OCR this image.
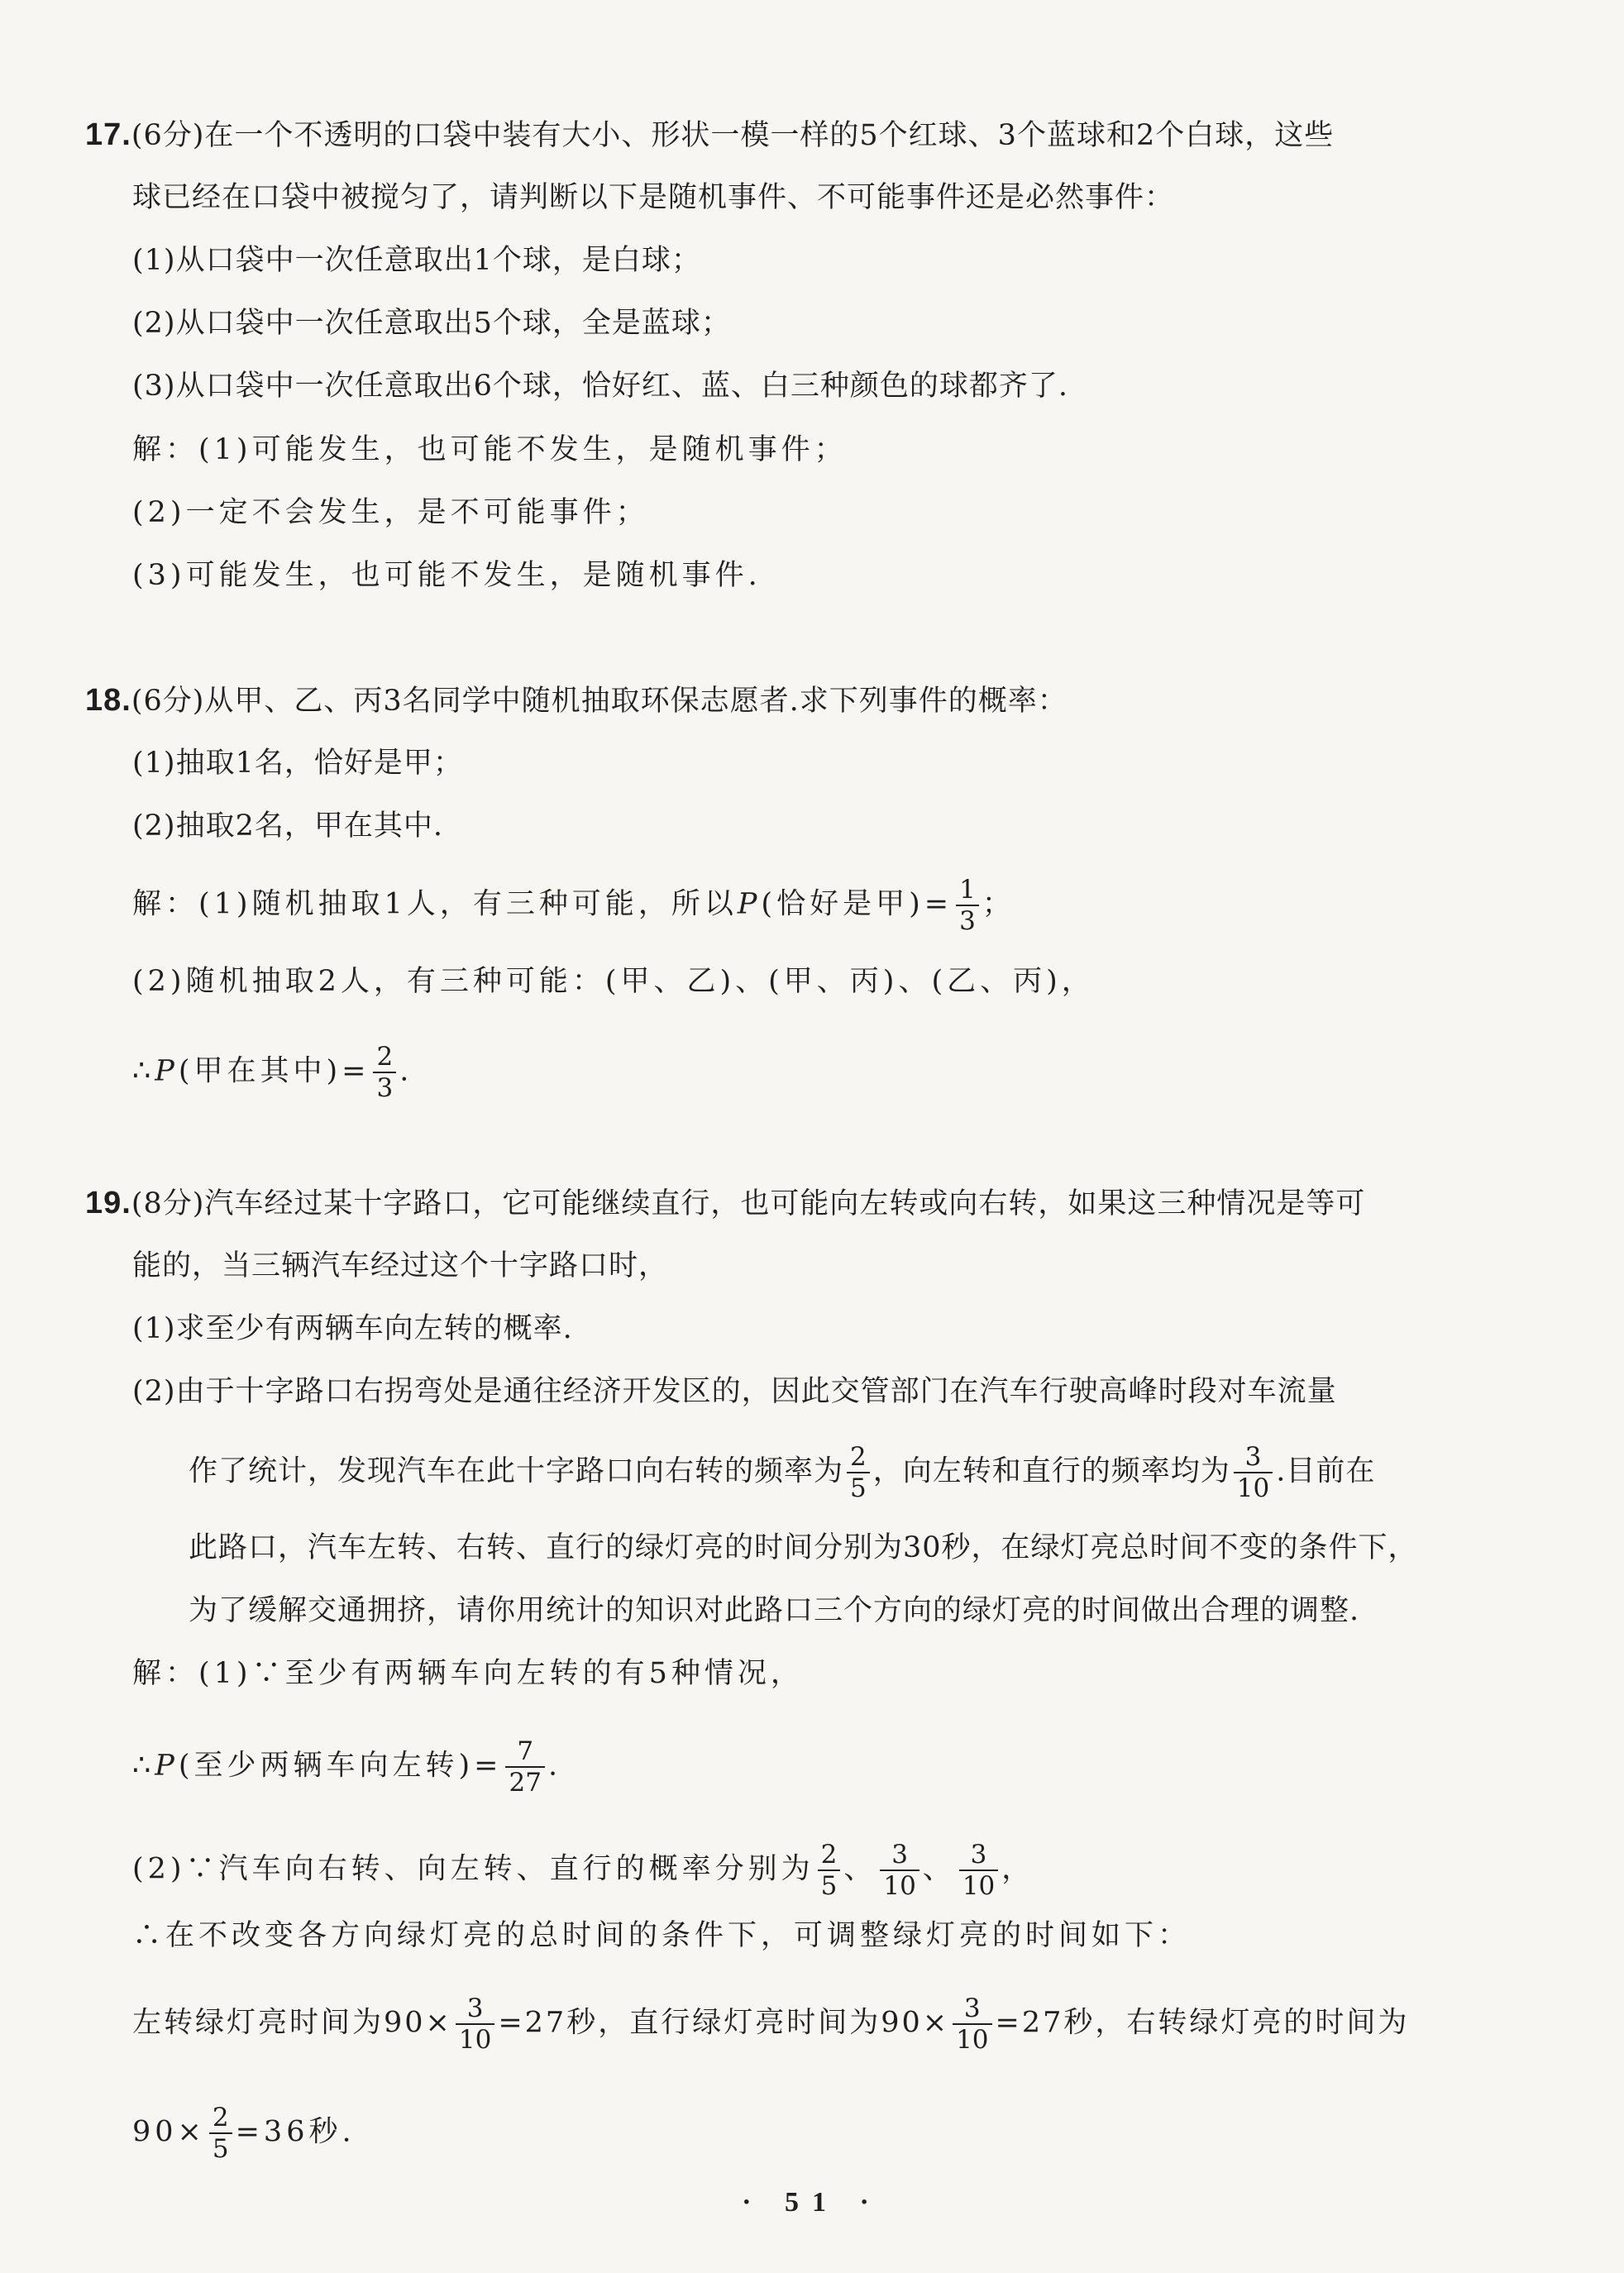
17.(6分)在一个不透明的口袋中装有大小、形状一模一样的5个红球、3个蓝球和2个白球，这些
球已经在口袋中被搅匀了，请判断以下是随机事件、不可能事件还是必然事件：
(1)从口袋中一次任意取出1个球，是白球；
(2)从口袋中一次任意取出5个球，全是蓝球；
(3)从口袋中一次任意取出6个球，恰好红、蓝、白三种颜色的球都齐了.
解：(1)可能发生，也可能不发生，是随机事件；
(2)一定不会发生，是不可能事件；
(3)可能发生，也可能不发生，是随机事件.
18.(6分)从甲、乙、丙3名同学中随机抽取环保志愿者.求下列事件的概率：
(1)抽取1名，恰好是甲；
(2)抽取2名，甲在其中.
解：(1)随机抽取1人，有三种可能，所以P(恰好是甲)= $\frac{1}{3}$ ；
(2)随机抽取2人，有三种可能：(甲、乙)、(甲、丙)、(乙、丙)，
∴P(甲在其中)= $\frac{2}{3}$ .
19.(8分)汽车经过某十字路口，它可能继续直行，也可能向左转或向右转，如果这三种情况是等可
能的，当三辆汽车经过这个十字路口时，
(1)求至少有两辆车向左转的概率.
(2)由于十字路口右拐弯处是通往经济开发区的，因此交管部门在汽车行驶高峰时段对车流量
作了统计，发现汽车在此十字路口向右转的频率为 $\frac{2}{5}$ ，向左转和直行的频率均为 $\frac{3}{10}$ .目前在
此路口，汽车左转、右转、直行的绿灯亮的时间分别为30秒，在绿灯亮总时间不变的条件下，
为了缓解交通拥挤，请你用统计的知识对此路口三个方向的绿灯亮的时间做出合理的调整.
解：(1)∵至少有两辆车向左转的有5种情况，
∴P(至少两辆车向左转)= $\frac{7}{27}$ .
(2)∵汽车向右转、向左转、直行的概率分别为 $\frac{2}{5}$ 、 $\frac{3}{10}$ 、 $\frac{3}{10}$ ，
∴在不改变各方向绿灯亮的总时间的条件下，可调整绿灯亮的时间如下：
左转绿灯亮时间为$90\times \frac{3}{10} =27$秒，直行绿灯亮时间为$90\times \frac{3}{10} =27$秒，右转绿灯亮的时间为
$90\times \frac{2}{5} =36$秒.
· 51 ·
